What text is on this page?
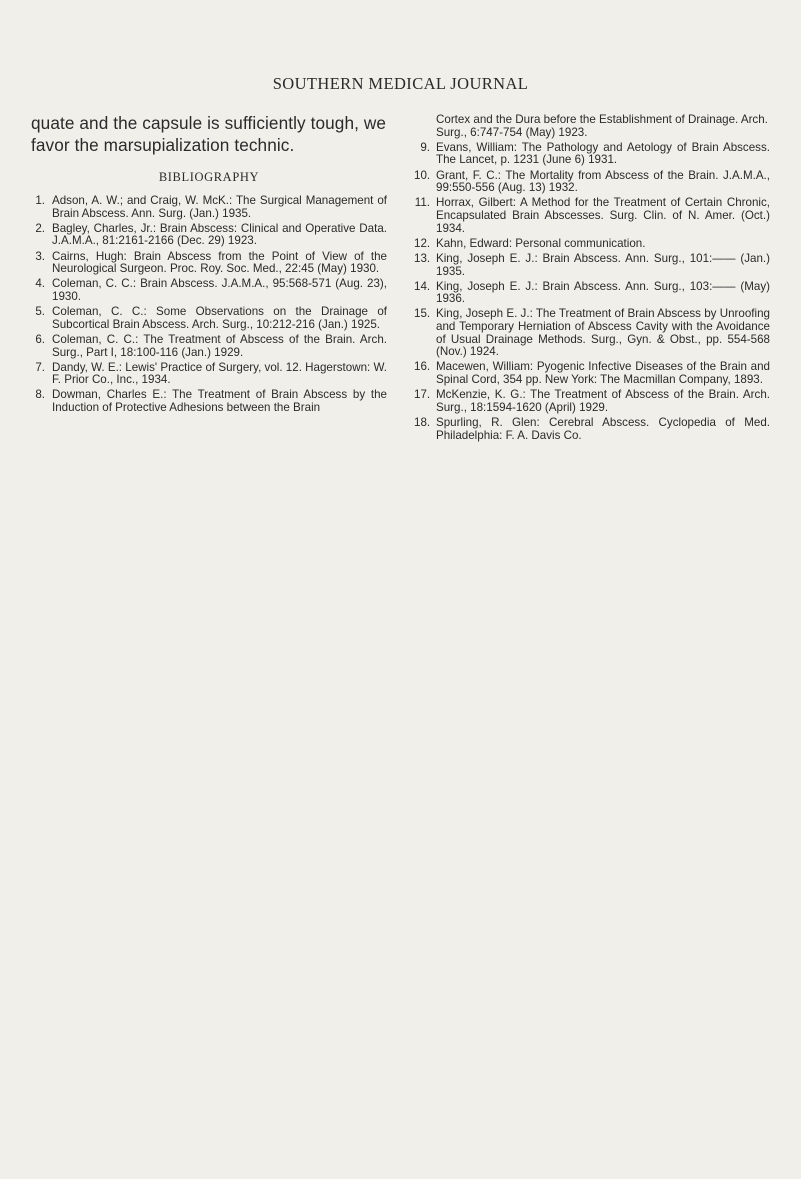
SOUTHERN MEDICAL JOURNAL

quate and the capsule is sufficiently tough, we favor the marsupialization technic.

BIBLIOGRAPHY
1. Adson, A. W.; and Craig, W. McK.: The Surgical Management of Brain Abscess. Ann. Surg. (Jan.) 1935.
2. Bagley, Charles, Jr.: Brain Abscess: Clinical and Operative Data. J.A.M.A., 81:2161-2166 (Dec. 29) 1923.
3. Cairns, Hugh: Brain Abscess from the Point of View of the Neurological Surgeon. Proc. Roy. Soc. Med., 22:45 (May) 1930.
4. Coleman, C. C.: Brain Abscess. J.A.M.A., 95:568-571 (Aug. 23), 1930.
5. Coleman, C. C.: Some Observations on the Drainage of Subcortical Brain Abscess. Arch. Surg., 10:212-216 (Jan.) 1925.
6. Coleman, C. C.: The Treatment of Abscess of the Brain. Arch. Surg., Part I, 18:100-116 (Jan.) 1929.
7. Dandy, W. E.: Lewis' Practice of Surgery, vol. 12. Hagerstown: W. F. Prior Co., Inc., 1934.
8. Dowman, Charles E.: The Treatment of Brain Abscess by the Induction of Protective Adhesions between the Brain
Cortex and the Dura before the Establishment of Drainage. Arch. Surg., 6:747-754 (May) 1923.
9. Evans, William: The Pathology and Aetology of Brain Abscess. The Lancet, p. 1231 (June 6) 1931.
10. Grant, F. C.: The Mortality from Abscess of the Brain. J.A.M.A., 99:550-556 (Aug. 13) 1932.
11. Horrax, Gilbert: A Method for the Treatment of Certain Chronic, Encapsulated Brain Abscesses. Surg. Clin. of N. Amer. (Oct.) 1934.
12. Kahn, Edward: Personal communication.
13. King, Joseph E. J.: Brain Abscess. Ann. Surg., 101:—— (Jan.) 1935.
14. King, Joseph E. J.: Brain Abscess. Ann. Surg., 103:—— (May) 1936.
15. King, Joseph E. J.: The Treatment of Brain Abscess by Unroofing and Temporary Herniation of Abscess Cavity with the Avoidance of Usual Drainage Methods. Surg., Gyn. & Obst., pp. 554-568 (Nov.) 1924.
16. Macewen, William: Pyogenic Infective Diseases of the Brain and Spinal Cord, 354 pp. New York: The Macmillan Company, 1893.
17. McKenzie, K. G.: The Treatment of Abscess of the Brain. Arch. Surg., 18:1594-1620 (April) 1929.
18. Spurling, R. Glen: Cerebral Abscess. Cyclopedia of Med. Philadelphia: F. A. Davis Co.
